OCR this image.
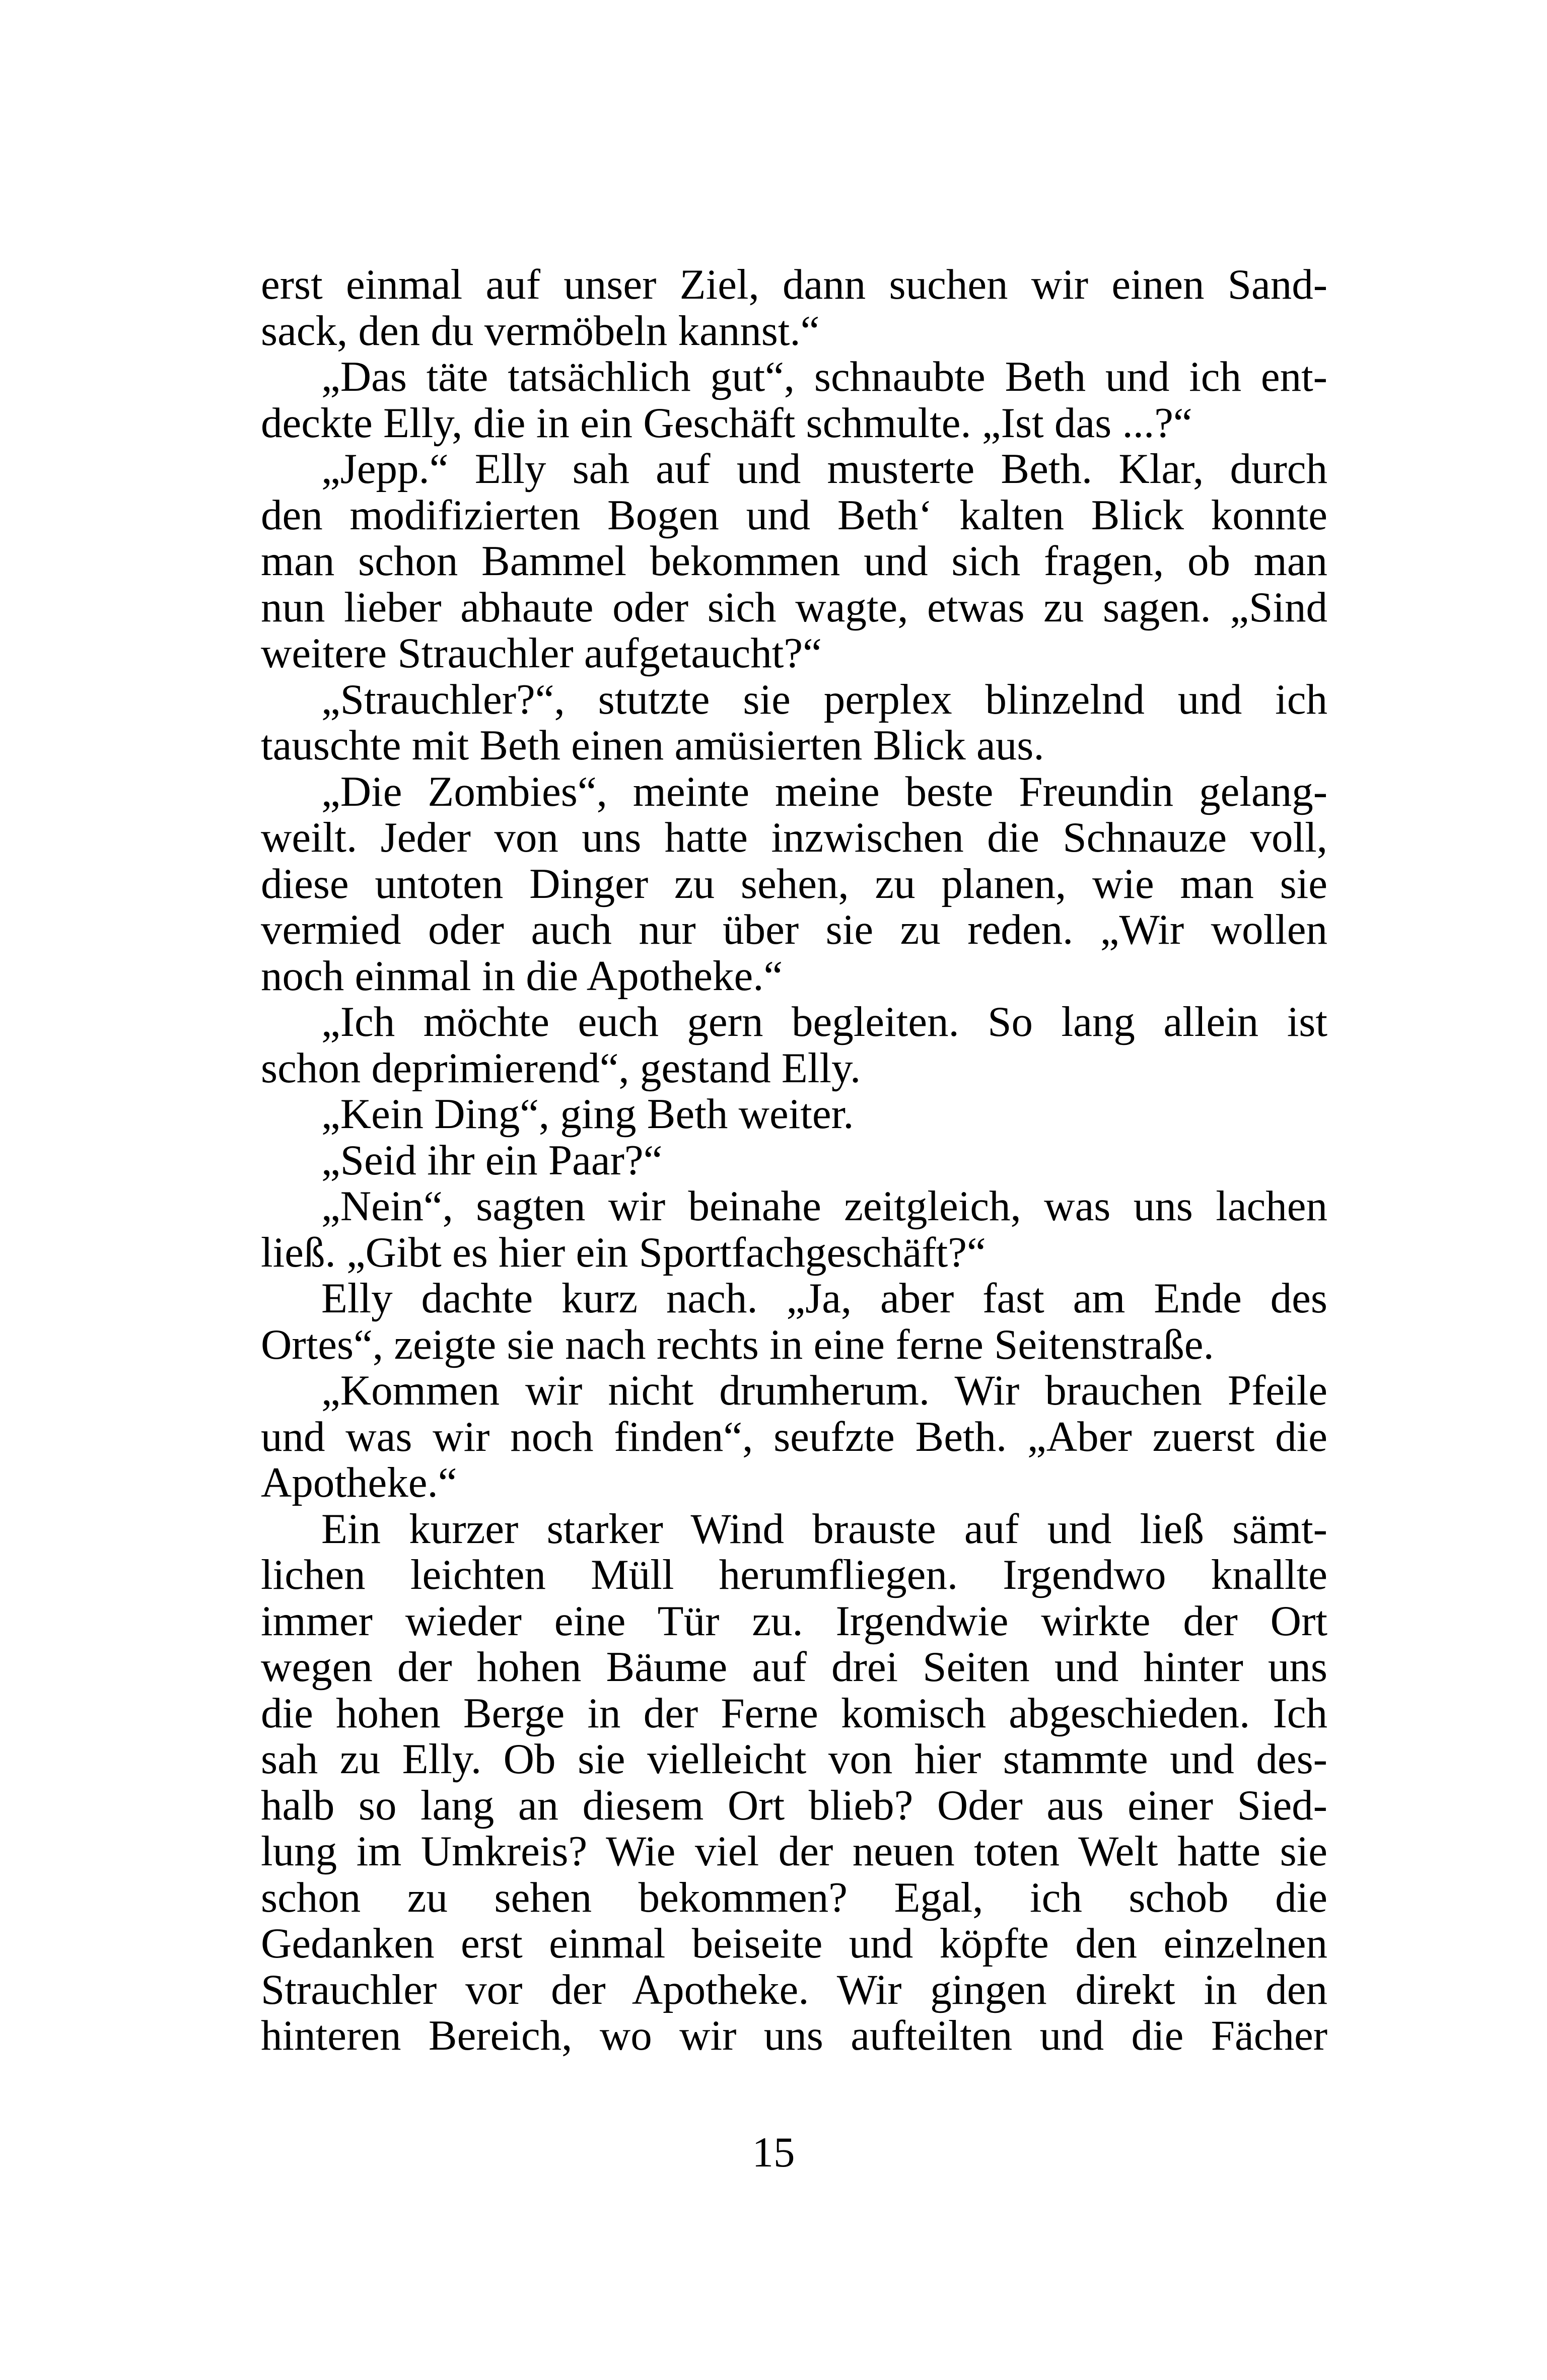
erst einmal auf unser Ziel, dann suchen wir einen Sand-
sack, den du vermöbeln kannst.“
„Das täte tatsächlich gut“, schnaubte Beth und ich ent-
deckte Elly, die in ein Geschäft schmulte. „Ist das ...?“
„Jepp.“ Elly sah auf und musterte Beth. Klar, durch
den modifizierten Bogen und Beth‘ kalten Blick konnte
man schon Bammel bekommen und sich fragen, ob man
nun lieber abhaute oder sich wagte, etwas zu sagen. „Sind
weitere Strauchler aufgetaucht?“
„Strauchler?“, stutzte sie perplex blinzelnd und ich
tauschte mit Beth einen amüsierten Blick aus.
„Die Zombies“, meinte meine beste Freundin gelang-
weilt. Jeder von uns hatte inzwischen die Schnauze voll,
diese untoten Dinger zu sehen, zu planen, wie man sie
vermied oder auch nur über sie zu reden. „Wir wollen
noch einmal in die Apotheke.“
„Ich möchte euch gern begleiten. So lang allein ist
schon deprimierend“, gestand Elly.
„Kein Ding“, ging Beth weiter.
„Seid ihr ein Paar?“
„Nein“, sagten wir beinahe zeitgleich, was uns lachen
ließ. „Gibt es hier ein Sportfachgeschäft?“
Elly dachte kurz nach. „Ja, aber fast am Ende des
Ortes“, zeigte sie nach rechts in eine ferne Seitenstraße.
„Kommen wir nicht drumherum. Wir brauchen Pfeile
und was wir noch finden“, seufzte Beth. „Aber zuerst die
Apotheke.“
Ein kurzer starker Wind brauste auf und ließ sämt-
lichen leichten Müll herumfliegen. Irgendwo knallte
immer wieder eine Tür zu. Irgendwie wirkte der Ort
wegen der hohen Bäume auf drei Seiten und hinter uns
die hohen Berge in der Ferne komisch abgeschieden. Ich
sah zu Elly. Ob sie vielleicht von hier stammte und des-
halb so lang an diesem Ort blieb? Oder aus einer Sied-
lung im Umkreis? Wie viel der neuen toten Welt hatte sie
schon zu sehen bekommen? Egal, ich schob die
Gedanken erst einmal beiseite und köpfte den einzelnen
Strauchler vor der Apotheke. Wir gingen direkt in den
hinteren Bereich, wo wir uns aufteilten und die Fächer
15
